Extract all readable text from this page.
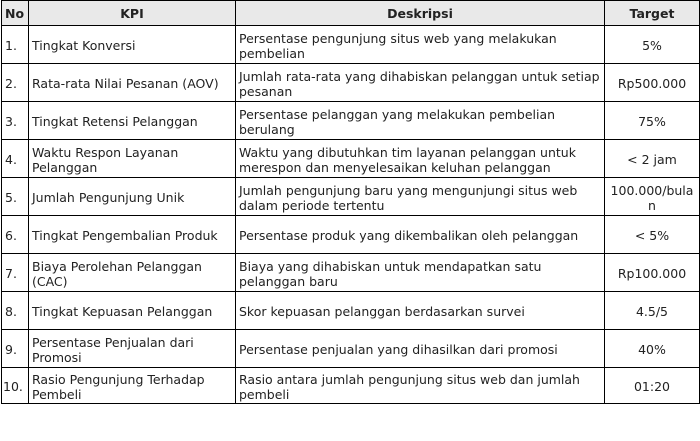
No	KPI	Deskripsi	Target
1.	Tingkat Konversi	Persentase pengunjung situs web yang melakukan pembelian	5%
2.	Rata-rata Nilai Pesanan (AOV)	Jumlah rata-rata yang dihabiskan pelanggan untuk setiap pesanan	Rp500.000
3.	Tingkat Retensi Pelanggan	Persentase pelanggan yang melakukan pembelian berulang	75%
4.	Waktu Respon Layanan Pelanggan	Waktu yang dibutuhkan tim layanan pelanggan untuk merespon dan menyelesaikan keluhan pelanggan	< 2 jam
5.	Jumlah Pengunjung Unik	Jumlah pengunjung baru yang mengunjungi situs web dalam periode tertentu	100.000/bulan
6.	Tingkat Pengembalian Produk	Persentase produk yang dikembalikan oleh pelanggan	< 5%
7.	Biaya Perolehan Pelanggan (CAC)	Biaya yang dihabiskan untuk mendapatkan satu pelanggan baru	Rp100.000
8.	Tingkat Kepuasan Pelanggan	Skor kepuasan pelanggan berdasarkan survei	4.5/5
9.	Persentase Penjualan dari Promosi	Persentase penjualan yang dihasilkan dari promosi	40%
10.	Rasio Pengunjung Terhadap Pembeli	Rasio antara jumlah pengunjung situs web dan jumlah pembeli	01:20
